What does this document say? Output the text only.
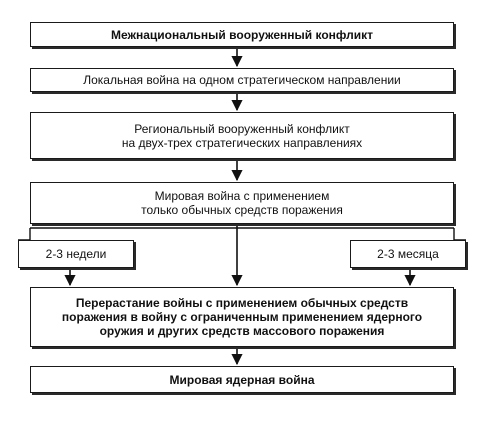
Межнациональный вооруженный конфликт
Локальная война на одном стратегическом направлении
Региональный вооруженный конфликт
на двух-трех стратегических направлениях
Мировая война с применением
только обычных средств поражения
2-3 недели	2-3 месяца
Перерастание войны с применением обычных средств
поражения в войну с ограниченным применением ядерного
оружия и других средств массового поражения
Мировая ядерная война
